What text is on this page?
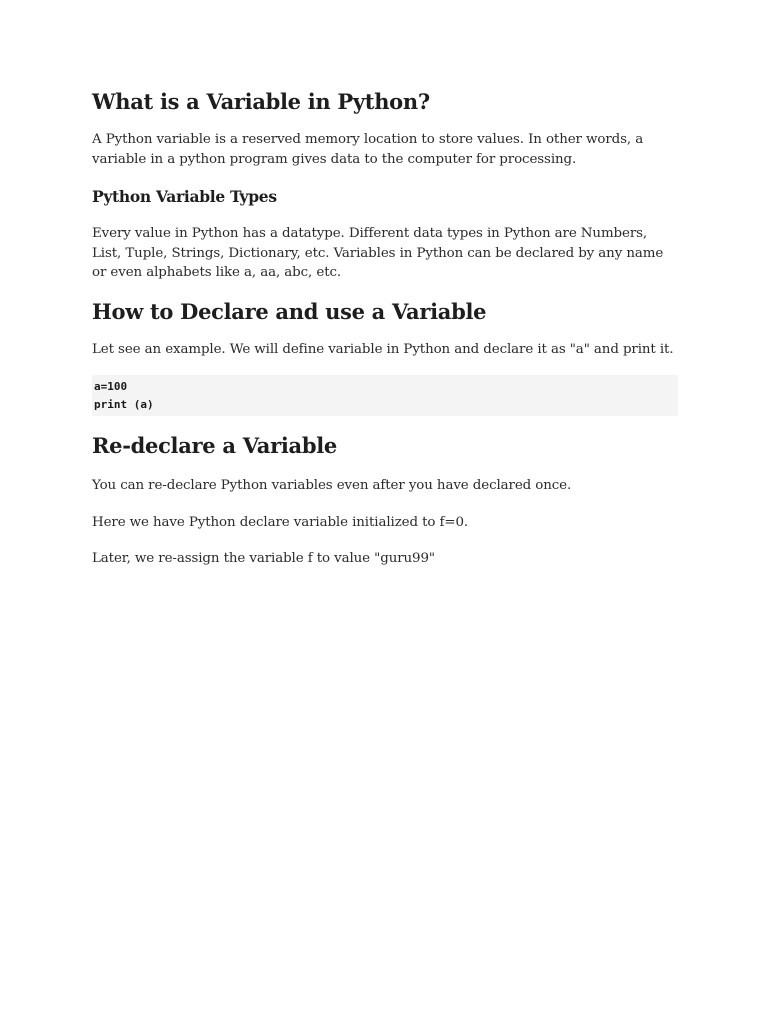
What is a Variable in Python?

A Python variable is a reserved memory location to store values. In other words, a variable in a python program gives data to the computer for processing.

Python Variable Types

Every value in Python has a datatype. Different data types in Python are Numbers, List, Tuple, Strings, Dictionary, etc. Variables in Python can be declared by any name or even alphabets like a, aa, abc, etc.

How to Declare and use a Variable

Let see an example. We will define variable in Python and declare it as "a" and print it.

a=100
print (a)
Re-declare a Variable

You can re-declare Python variables even after you have declared once.

Here we have Python declare variable initialized to f=0.

Later, we re-assign the variable f to value "guru99"
